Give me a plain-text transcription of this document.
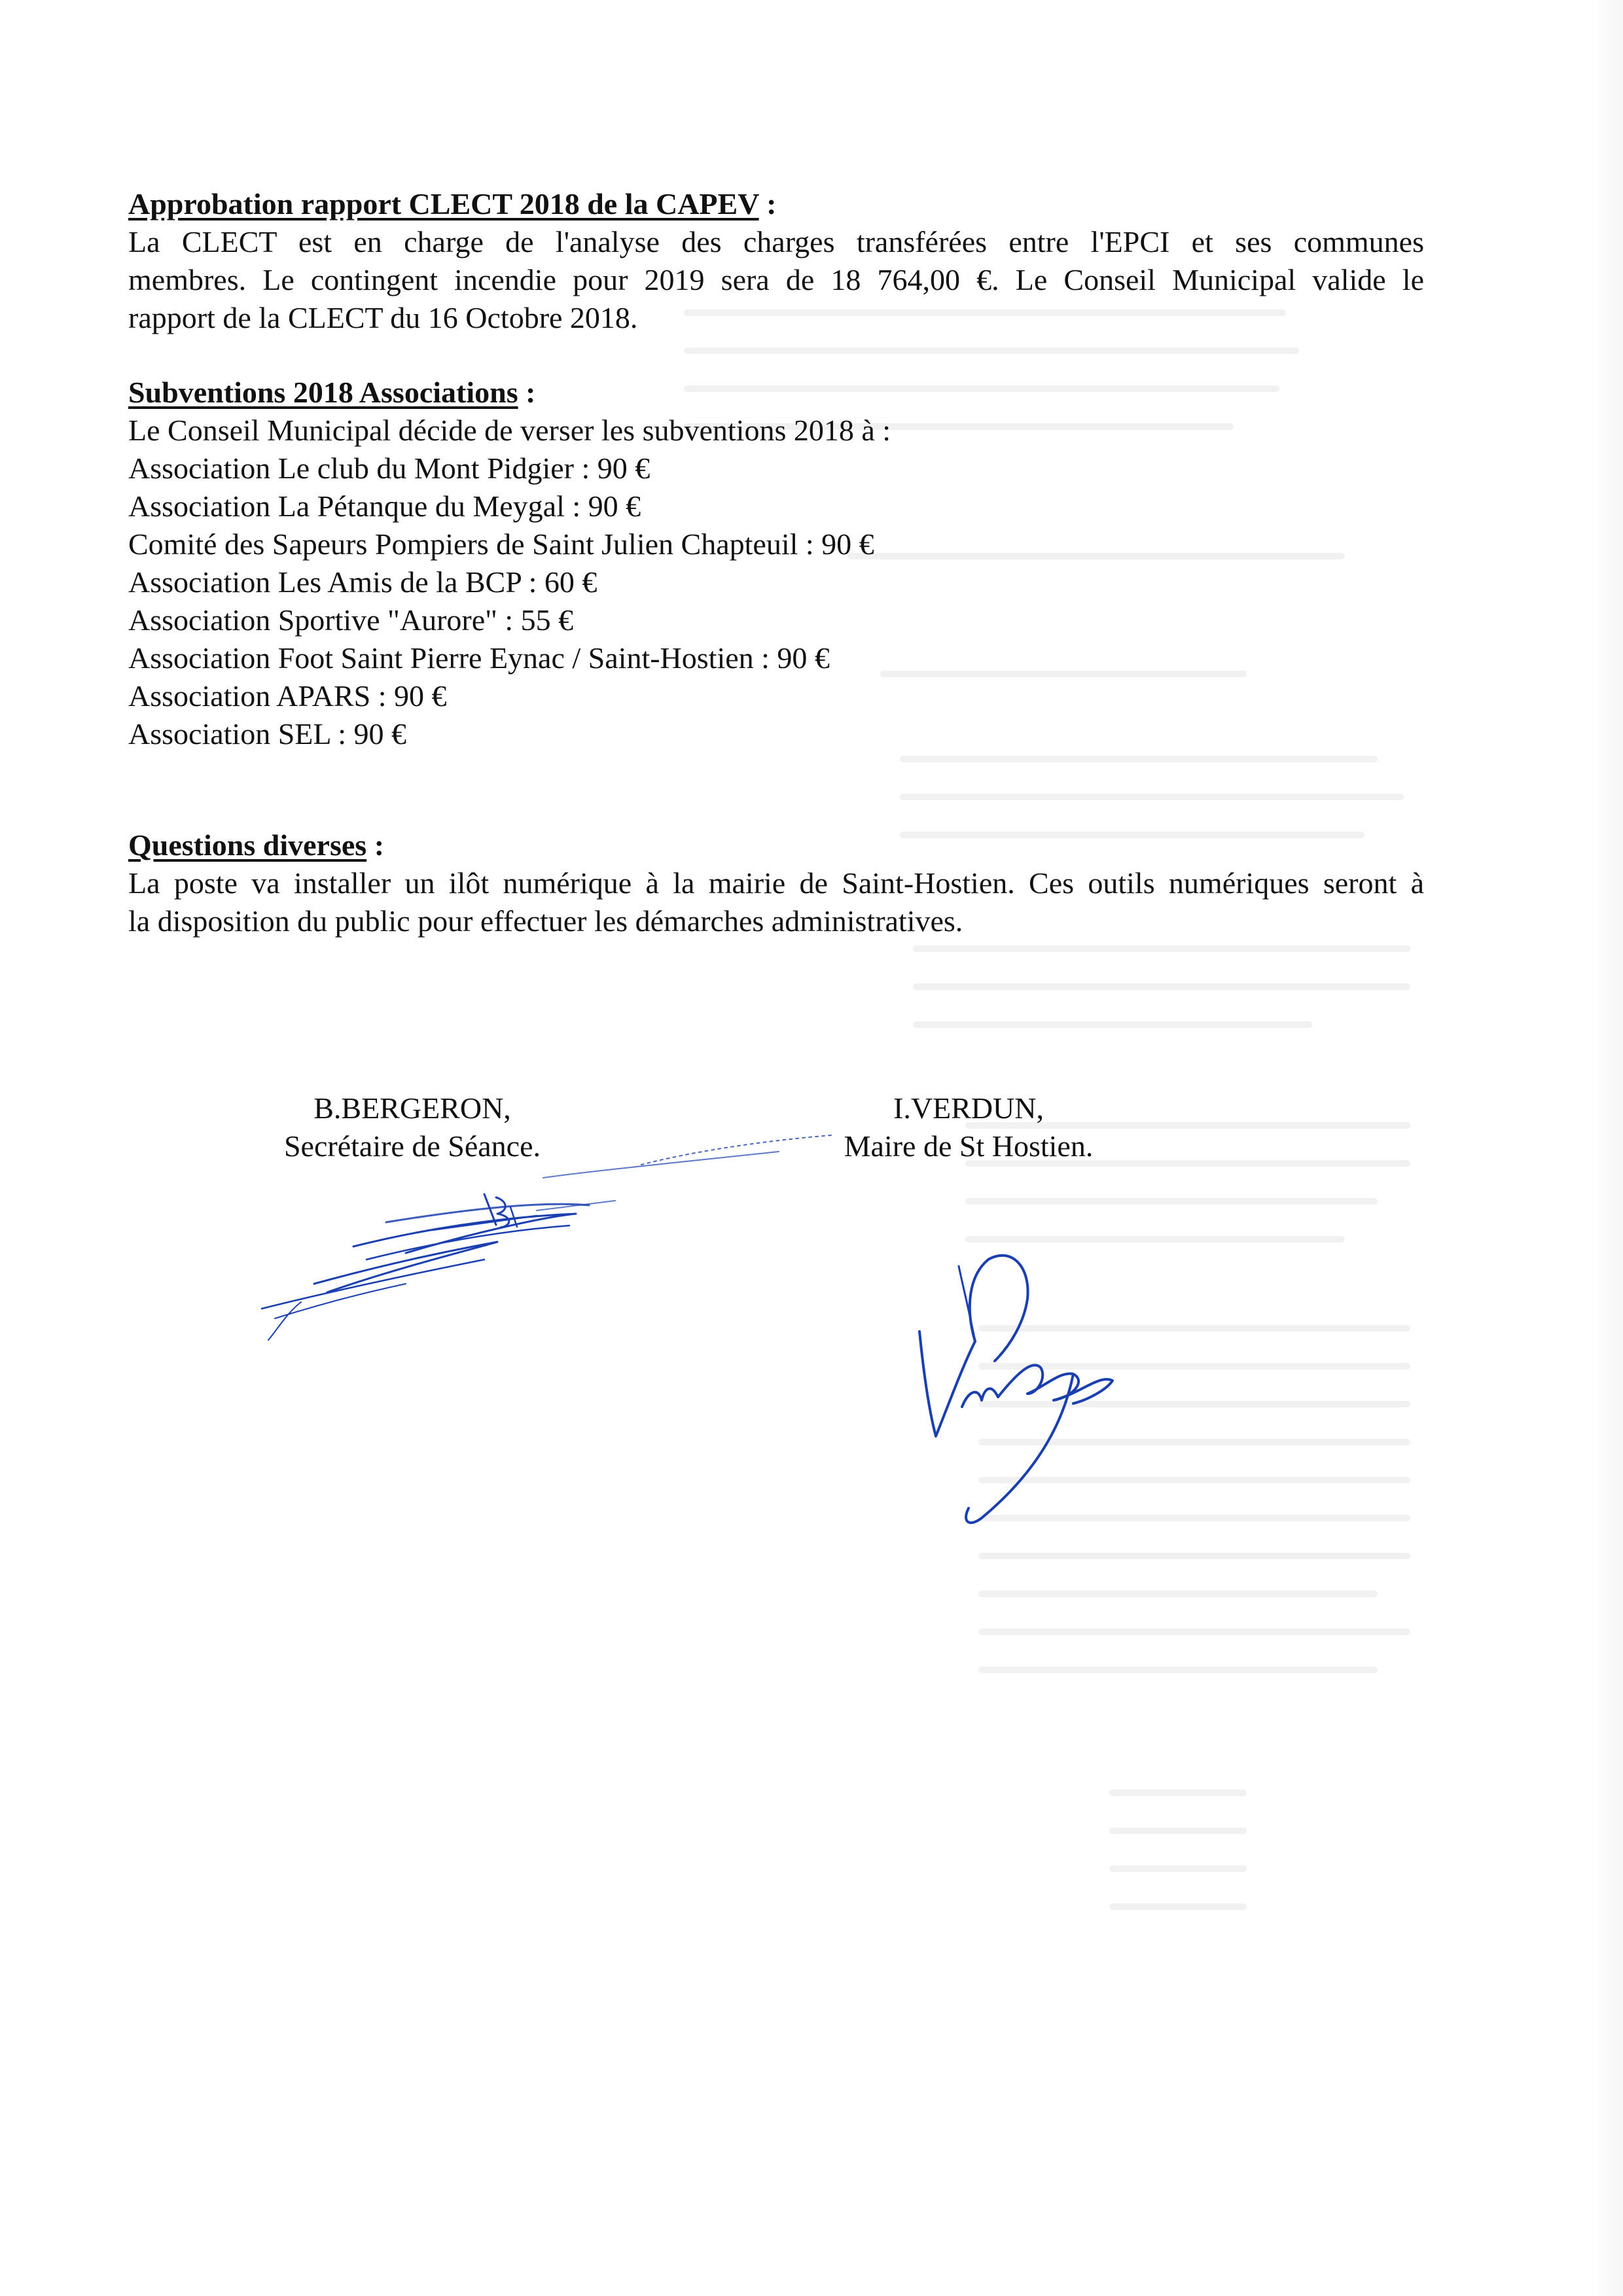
Approbation rapport CLECT 2018 de la CAPEV :
La CLECT est en charge de l'analyse des charges transférées entre l'EPCI et ses communes
membres. Le contingent incendie pour 2019 sera de 18 764,00 €. Le Conseil Municipal valide le
rapport de la CLECT du 16 Octobre 2018.
Subventions 2018 Associations :
Le Conseil Municipal décide de verser les subventions 2018 à :
Association Le club du Mont Pidgier : 90 €
Association La Pétanque du Meygal : 90 €
Comité des Sapeurs Pompiers de Saint Julien Chapteuil : 90 €
Association Les Amis de la BCP : 60 €
Association Sportive "Aurore" : 55 €
Association Foot Saint Pierre Eynac / Saint-Hostien : 90 €
Association APARS : 90 €
Association SEL : 90 €
Questions diverses :
La poste va installer un ilôt numérique à la mairie de Saint-Hostien. Ces outils numériques seront à
la disposition du public pour effectuer les démarches administratives.
B.BERGERON,
Secrétaire de Séance.
I.VERDUN,
Maire de St Hostien.
